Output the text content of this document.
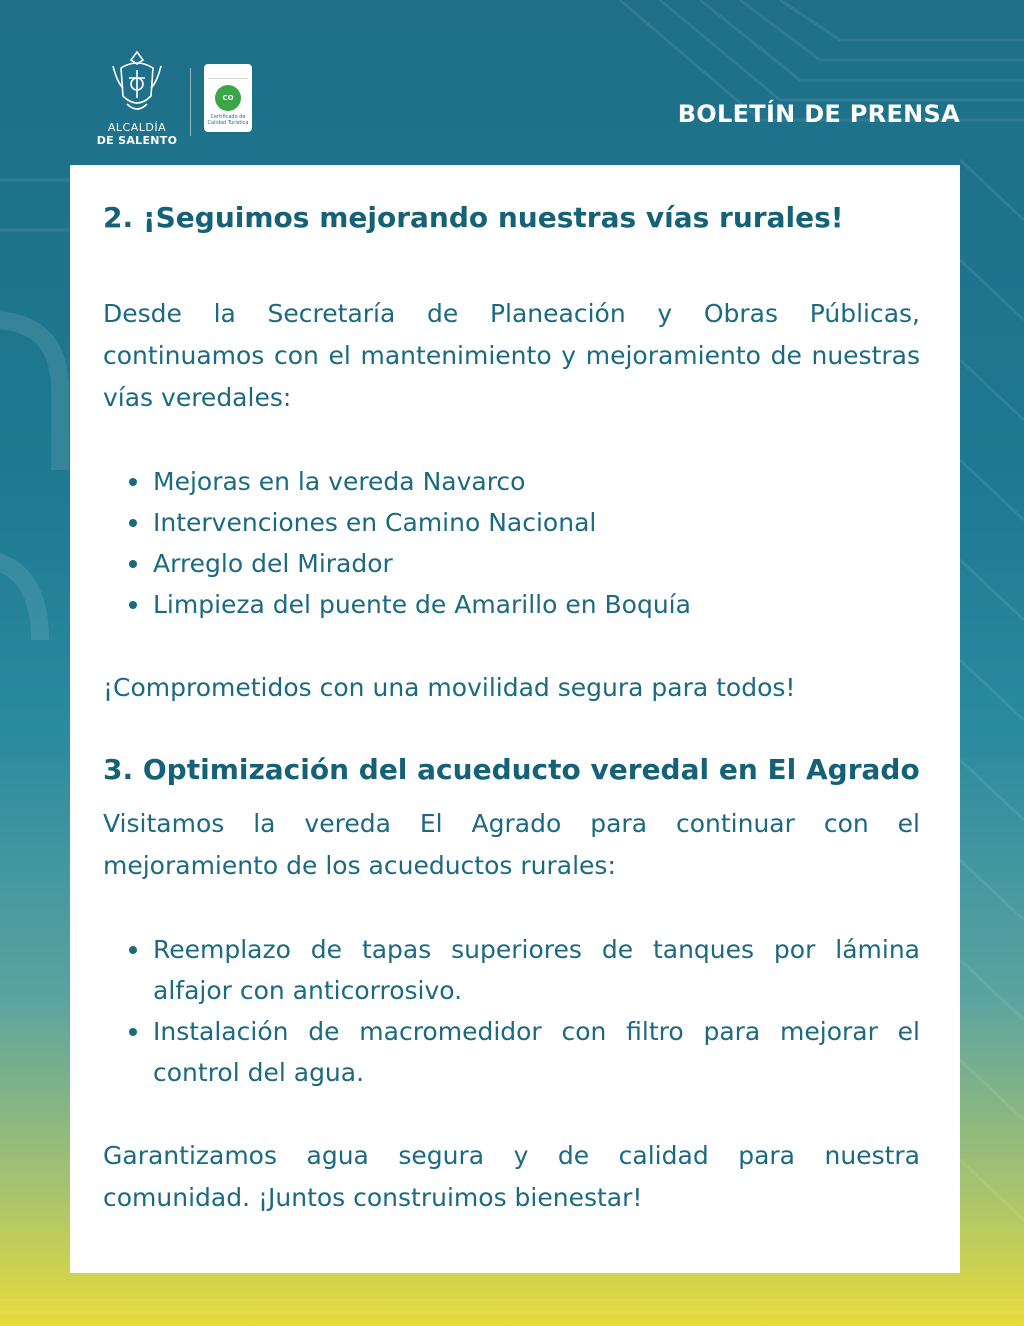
ALCALDÍA
DE SALENTO
CO
Certificado de Calidad Turística	BOLETÍN DE PRENSA
2. ¡Seguimos mejorando nuestras vías rurales!

Desde la Secretaría de Planeación y Obras Públicas, continuamos con el mantenimiento y mejoramiento de nuestras vías veredales:

Mejoras en la vereda Navarco
Intervenciones en Camino Nacional
Arreglo del Mirador
Limpieza del puente de Amarillo en Boquía

¡Comprometidos con una movilidad segura para todos!

3. Optimización del acueducto veredal en El Agrado

Visitamos la vereda El Agrado para continuar con el mejoramiento de los acueductos rurales:

Reemplazo de tapas superiores de tanques por lámina alfajor con anticorrosivo.
Instalación de macromedidor con filtro para mejorar el control del agua.

Garantizamos agua segura y de calidad para nuestra comunidad. ¡Juntos construimos bienestar!
